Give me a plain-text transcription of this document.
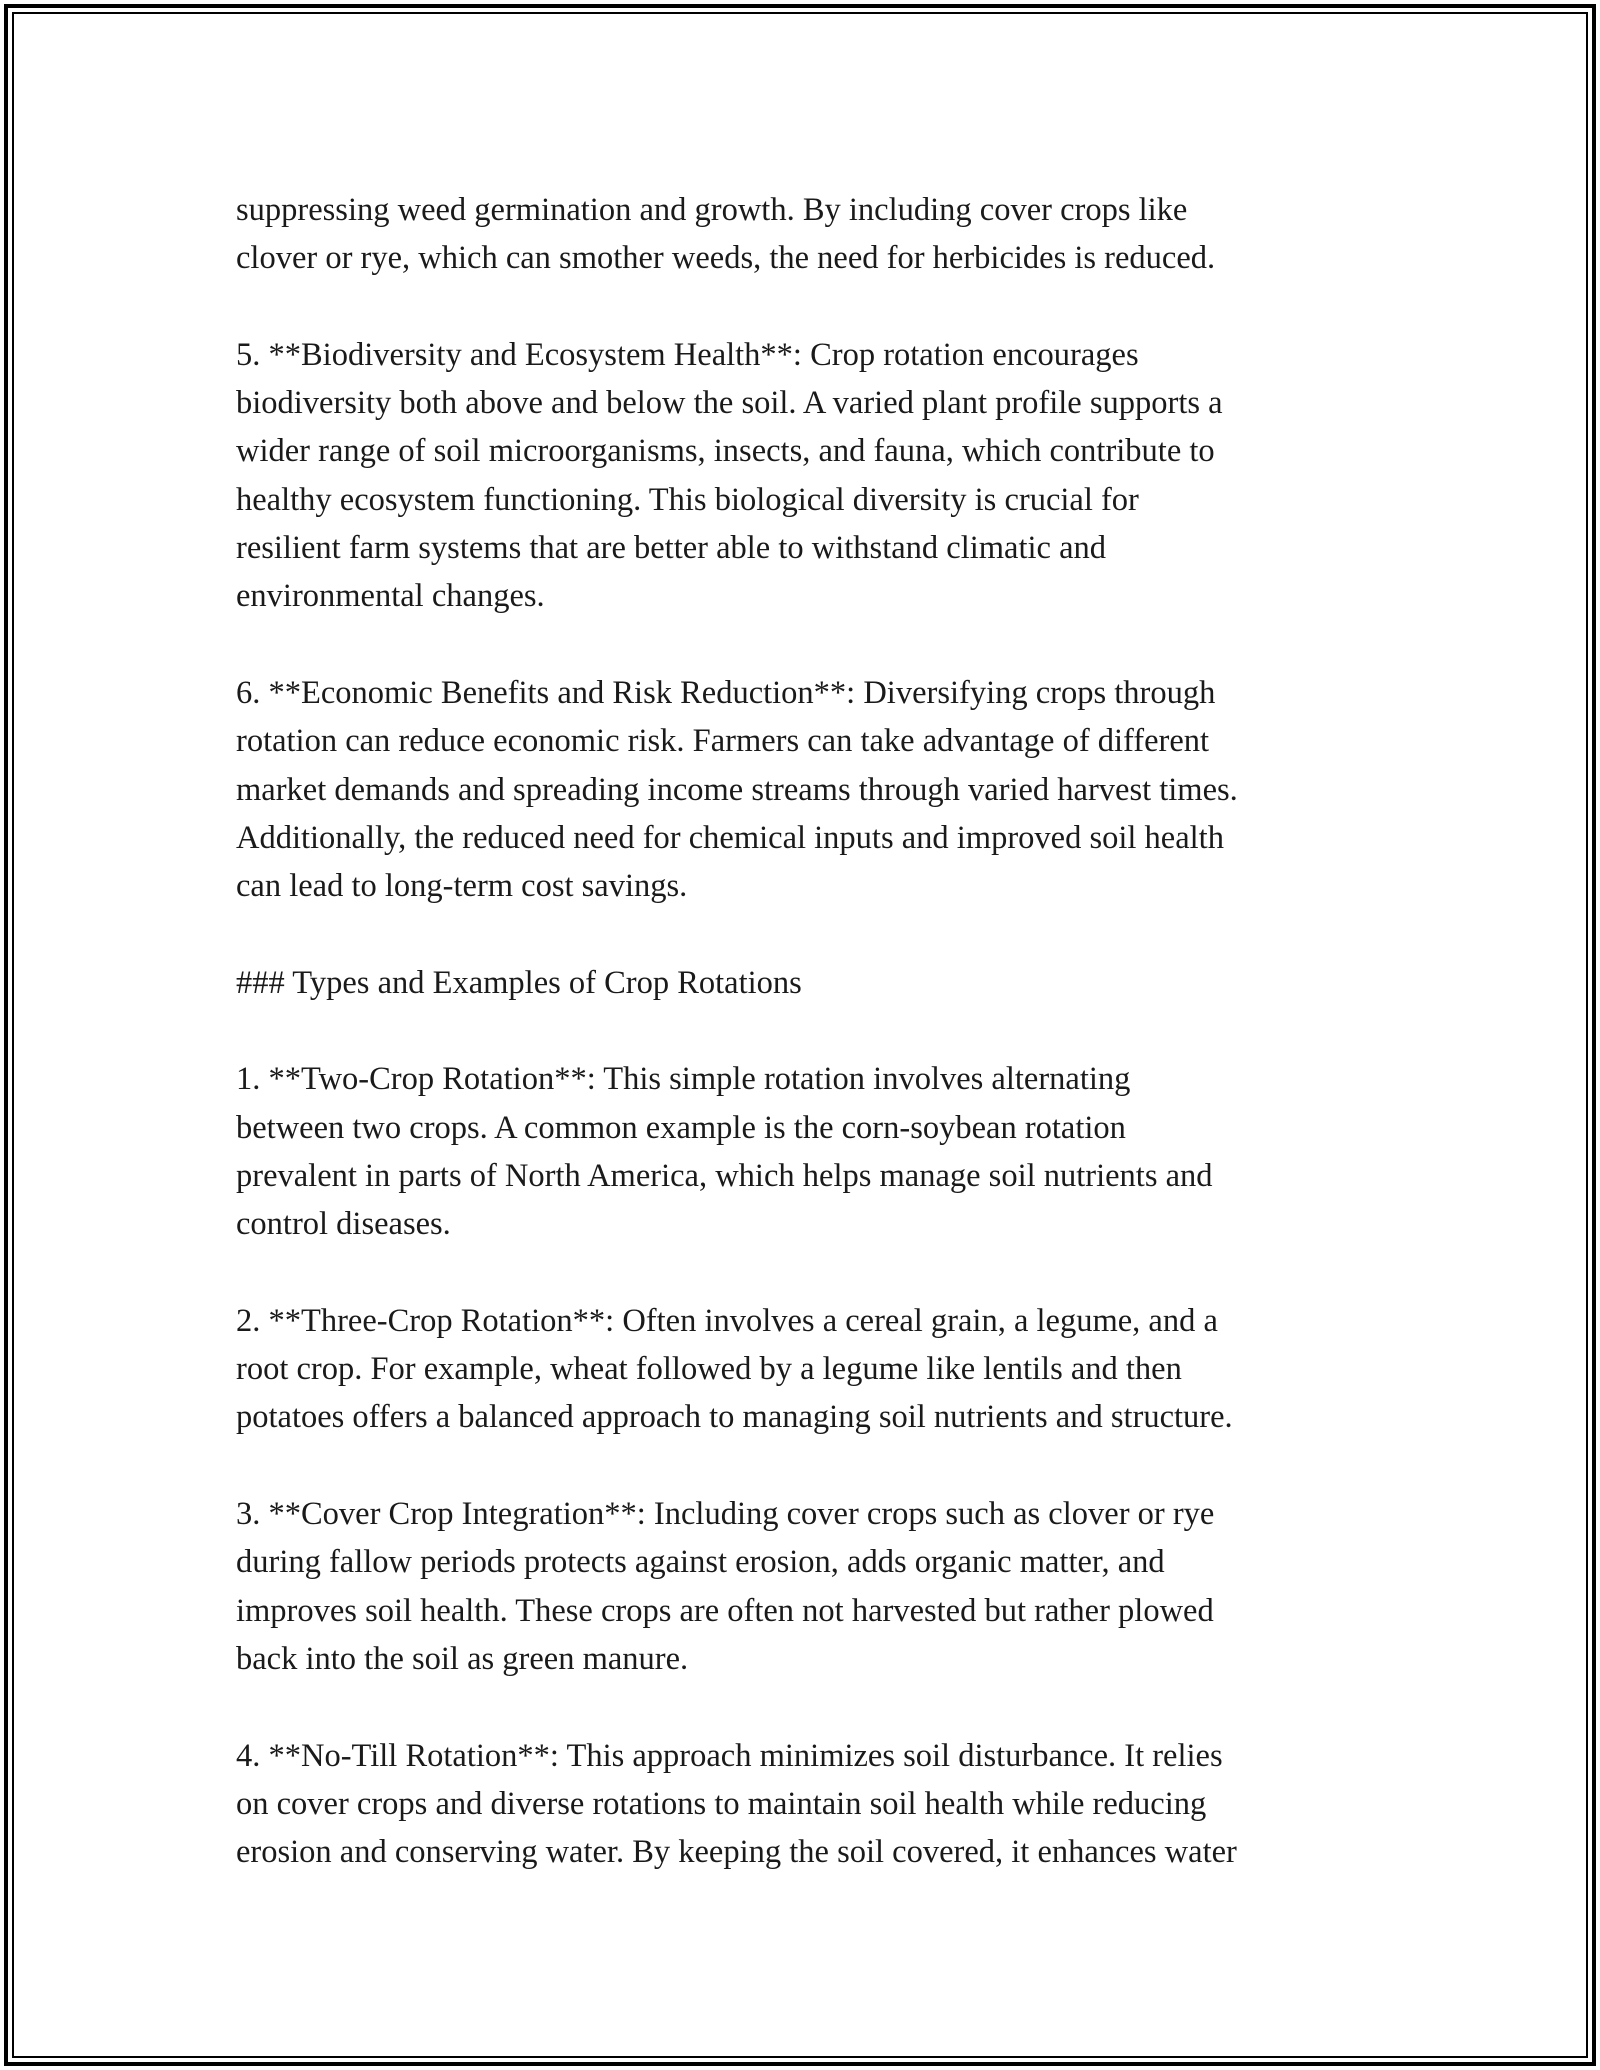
suppressing weed germination and growth. By including cover crops like
clover or rye, which can smother weeds, the need for herbicides is reduced.

5. **Biodiversity and Ecosystem Health**: Crop rotation encourages
biodiversity both above and below the soil. A varied plant profile supports a
wider range of soil microorganisms, insects, and fauna, which contribute to
healthy ecosystem functioning. This biological diversity is crucial for
resilient farm systems that are better able to withstand climatic and
environmental changes.

6. **Economic Benefits and Risk Reduction**: Diversifying crops through
rotation can reduce economic risk. Farmers can take advantage of different
market demands and spreading income streams through varied harvest times.
Additionally, the reduced need for chemical inputs and improved soil health
can lead to long-term cost savings.

### Types and Examples of Crop Rotations

1. **Two-Crop Rotation**: This simple rotation involves alternating
between two crops. A common example is the corn-soybean rotation
prevalent in parts of North America, which helps manage soil nutrients and
control diseases.

2. **Three-Crop Rotation**: Often involves a cereal grain, a legume, and a
root crop. For example, wheat followed by a legume like lentils and then
potatoes offers a balanced approach to managing soil nutrients and structure.

3. **Cover Crop Integration**: Including cover crops such as clover or rye
during fallow periods protects against erosion, adds organic matter, and
improves soil health. These crops are often not harvested but rather plowed
back into the soil as green manure.

4. **No-Till Rotation**: This approach minimizes soil disturbance. It relies
on cover crops and diverse rotations to maintain soil health while reducing
erosion and conserving water. By keeping the soil covered, it enhances water
